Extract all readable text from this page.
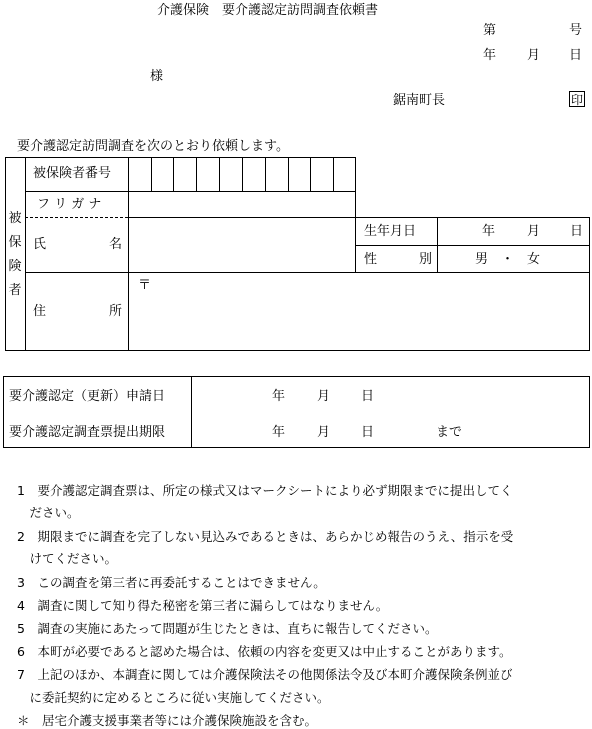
介護保険　要介護認定訪問調査依頼書
第	号
年 月 日
様
鋸南町長	印
要介護認定訪問調査を次のとおり依頼します。
被
保
険
者
被保険者番号
フ リ ガ ナ
氏	名
住	所
〒
生年月日	年 月 日
性	別	男　・　女
要介護認定（更新）申請日	年 月 日
要介護認定調査票提出期限	年 月 日	まで
1　要介護認定調査票は、所定の様式又はマークシートにより必ず期限までに提出してく
　ださい。
2　期限までに調査を完了しない見込みであるときは、あらかじめ報告のうえ、指示を受
　けてください。
3　この調査を第三者に再委託することはできません。
4　調査に関して知り得た秘密を第三者に漏らしてはなりません。
5　調査の実施にあたって問題が生じたときは、直ちに報告してください。
6　本町が必要であると認めた場合は、依頼の内容を変更又は中止することがあります。
7　上記のほか、本調査に関しては介護保険法その他関係法令及び本町介護保険条例並び
　に委託契約に定めるところに従い実施してください。
＊　居宅介護支援事業者等には介護保険施設を含む。
